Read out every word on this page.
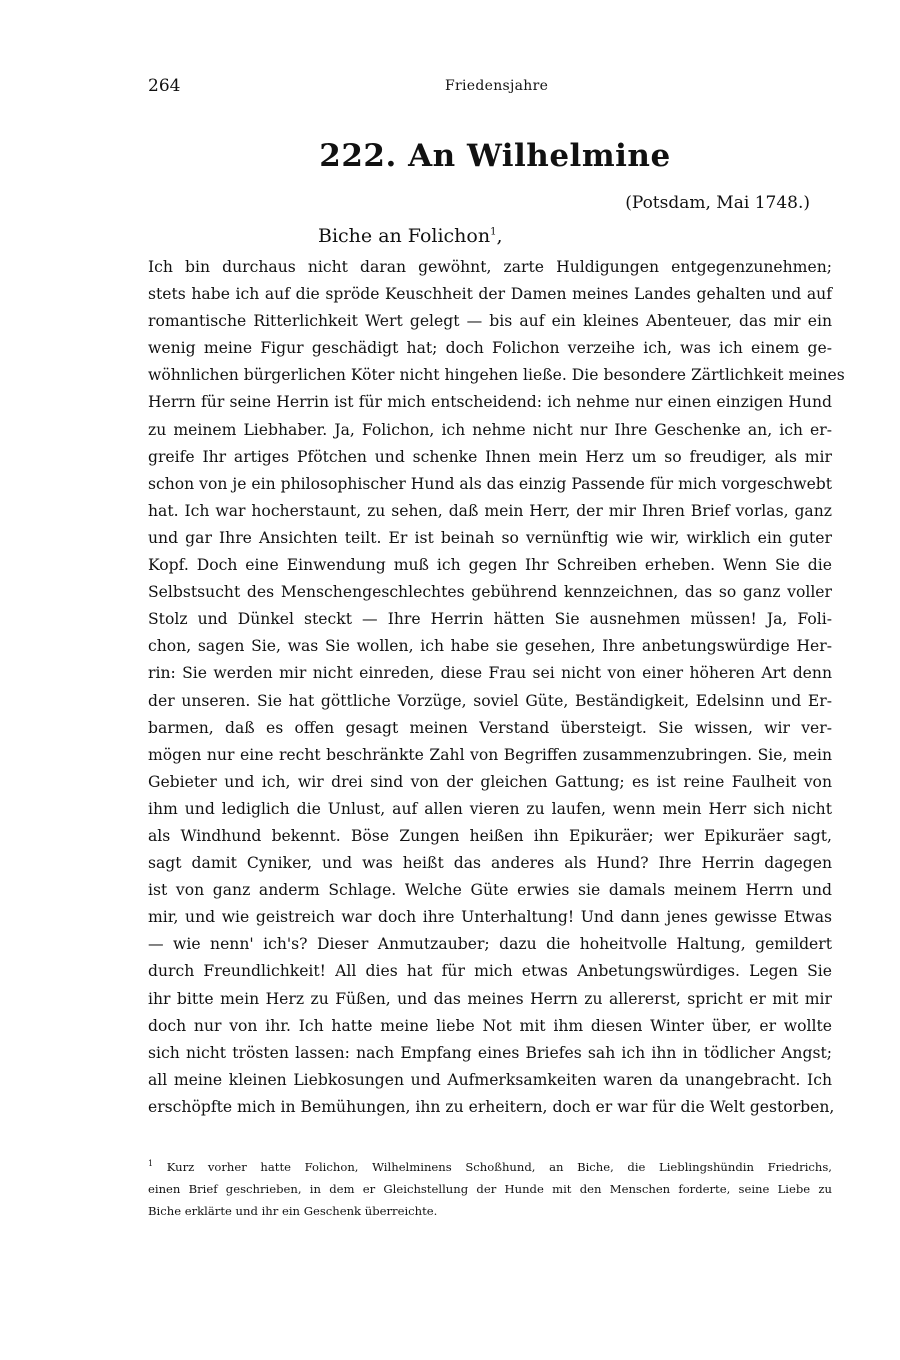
264	Friedensjahre
222. An Wilhelmine
(Potsdam, Mai 1748.)
Biche an Folichon$^1$,
Ich bin durchaus nicht daran gewöhnt, zarte Huldigungen entgegenzunehmen;
stets habe ich auf die spröde Keuschheit der Damen meines Landes gehalten und auf
romantische Ritterlichkeit Wert gelegt — bis auf ein kleines Abenteuer, das mir ein
wenig meine Figur geschädigt hat; doch Folichon verzeihe ich, was ich einem ge-
wöhnlichen bürgerlichen Köter nicht hingehen ließe. Die besondere Zärtlichkeit meines
Herrn für seine Herrin ist für mich entscheidend: ich nehme nur einen einzigen Hund
zu meinem Liebhaber. Ja, Folichon, ich nehme nicht nur Ihre Geschenke an, ich er-
greife Ihr artiges Pfötchen und schenke Ihnen mein Herz um so freudiger, als mir
schon von je ein philosophischer Hund als das einzig Passende für mich vorgeschwebt
hat. Ich war hocherstaunt, zu sehen, daß mein Herr, der mir Ihren Brief vorlas, ganz
und gar Ihre Ansichten teilt. Er ist beinah so vernünftig wie wir, wirklich ein guter
Kopf. Doch eine Einwendung muß ich gegen Ihr Schreiben erheben. Wenn Sie die
Selbstsucht des Menschengeschlechtes gebührend kennzeichnen, das so ganz voller
Stolz und Dünkel steckt — Ihre Herrin hätten Sie ausnehmen müssen! Ja, Foli-
chon, sagen Sie, was Sie wollen, ich habe sie gesehen, Ihre anbetungswürdige Her-
rin: Sie werden mir nicht einreden, diese Frau sei nicht von einer höheren Art denn
der unseren. Sie hat göttliche Vorzüge, soviel Güte, Beständigkeit, Edelsinn und Er-
barmen, daß es offen gesagt meinen Verstand übersteigt. Sie wissen, wir ver-
mögen nur eine recht beschränkte Zahl von Begriffen zusammenzubringen. Sie, mein
Gebieter und ich, wir drei sind von der gleichen Gattung; es ist reine Faulheit von
ihm und lediglich die Unlust, auf allen vieren zu laufen, wenn mein Herr sich nicht
als Windhund bekennt. Böse Zungen heißen ihn Epikuräer; wer Epikuräer sagt,
sagt damit Cyniker, und was heißt das anderes als Hund? Ihre Herrin dagegen
ist von ganz anderm Schlage. Welche Güte erwies sie damals meinem Herrn und
mir, und wie geistreich war doch ihre Unterhaltung! Und dann jenes gewisse Etwas
— wie nenn' ich's? Dieser Anmutzauber; dazu die hoheitvolle Haltung, gemildert
durch Freundlichkeit! All dies hat für mich etwas Anbetungswürdiges. Legen Sie
ihr bitte mein Herz zu Füßen, und das meines Herrn zu allererst, spricht er mit mir
doch nur von ihr. Ich hatte meine liebe Not mit ihm diesen Winter über, er wollte
sich nicht trösten lassen: nach Empfang eines Briefes sah ich ihn in tödlicher Angst;
all meine kleinen Liebkosungen und Aufmerksamkeiten waren da unangebracht. Ich
erschöpfte mich in Bemühungen, ihn zu erheitern, doch er war für die Welt gestorben,
$^1$ Kurz vorher hatte Folichon, Wilhelminens Schoßhund, an Biche, die Lieblingshündin Friedrichs,
einen Brief geschrieben, in dem er Gleichstellung der Hunde mit den Menschen forderte, seine Liebe zu
Biche erklärte und ihr ein Geschenk überreichte.
